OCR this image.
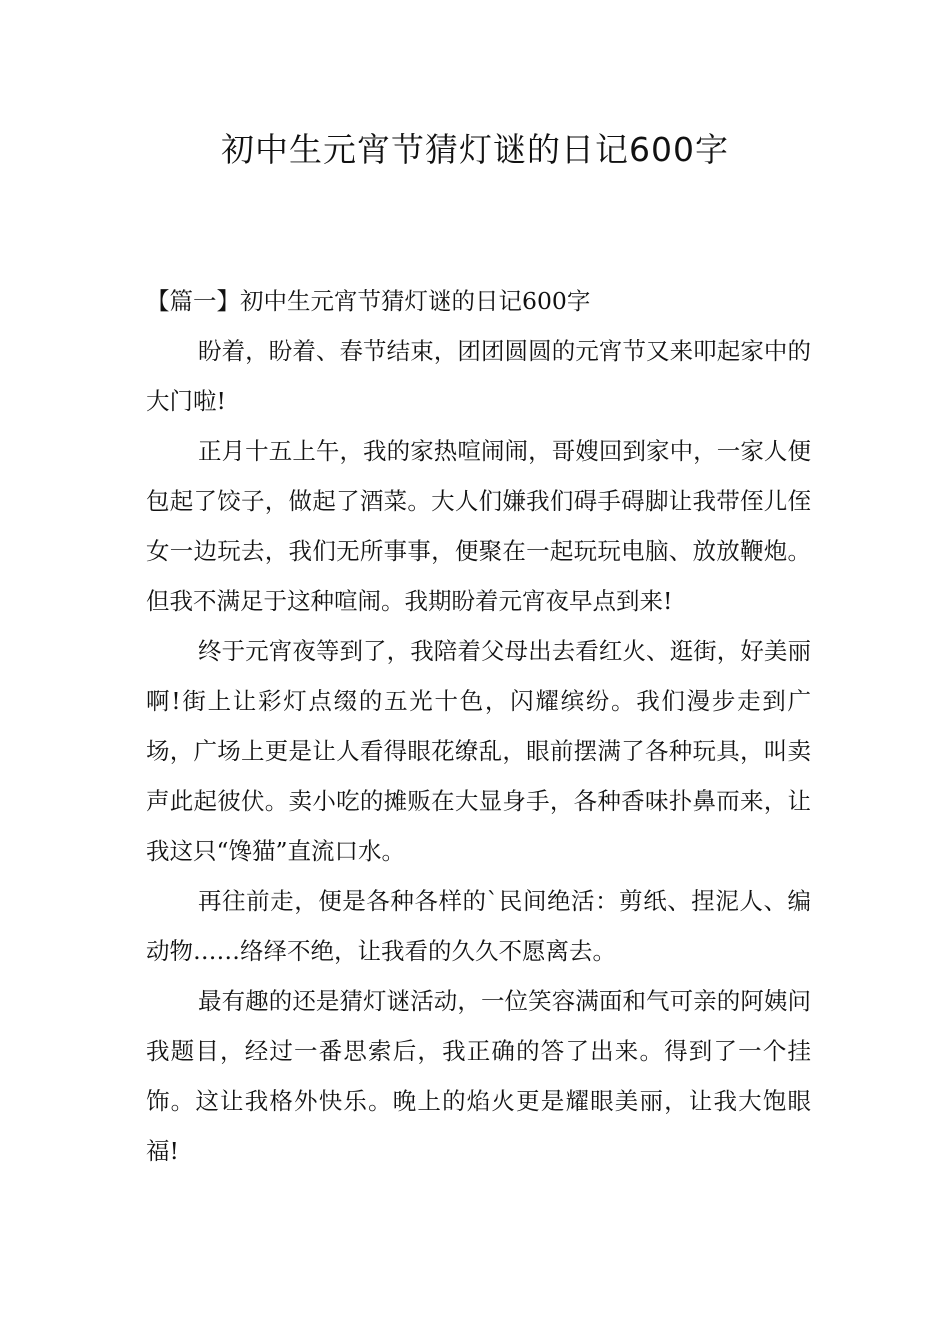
初中生元宵节猜灯谜的日记600字

【篇一】初中生元宵节猜灯谜的日记600字

盼着，盼着、春节结束，团团圆圆的元宵节又来叩起家中的大门啦!

正月十五上午，我的家热喧闹闹，哥嫂回到家中，一家人便包起了饺子，做起了酒菜。大人们嫌我们碍手碍脚让我带侄儿侄女一边玩去，我们无所事事，便聚在一起玩玩电脑、放放鞭炮。但我不满足于这种喧闹。我期盼着元宵夜早点到来!

终于元宵夜等到了，我陪着父母出去看红火、逛街，好美丽啊!街上让彩灯点缀的五光十色，闪耀缤纷。我们漫步走到广场，广场上更是让人看得眼花缭乱，眼前摆满了各种玩具，叫卖声此起彼伏。卖小吃的摊贩在大显身手，各种香味扑鼻而来，让我这只“馋猫”直流口水。

再往前走，便是各种各样的`民间绝活：剪纸、捏泥人、编动物……络绎不绝，让我看的久久不愿离去。

最有趣的还是猜灯谜活动，一位笑容满面和气可亲的阿姨问我题目，经过一番思索后，我正确的答了出来。得到了一个挂饰。这让我格外快乐。晚上的焰火更是耀眼美丽，让我大饱眼福!
